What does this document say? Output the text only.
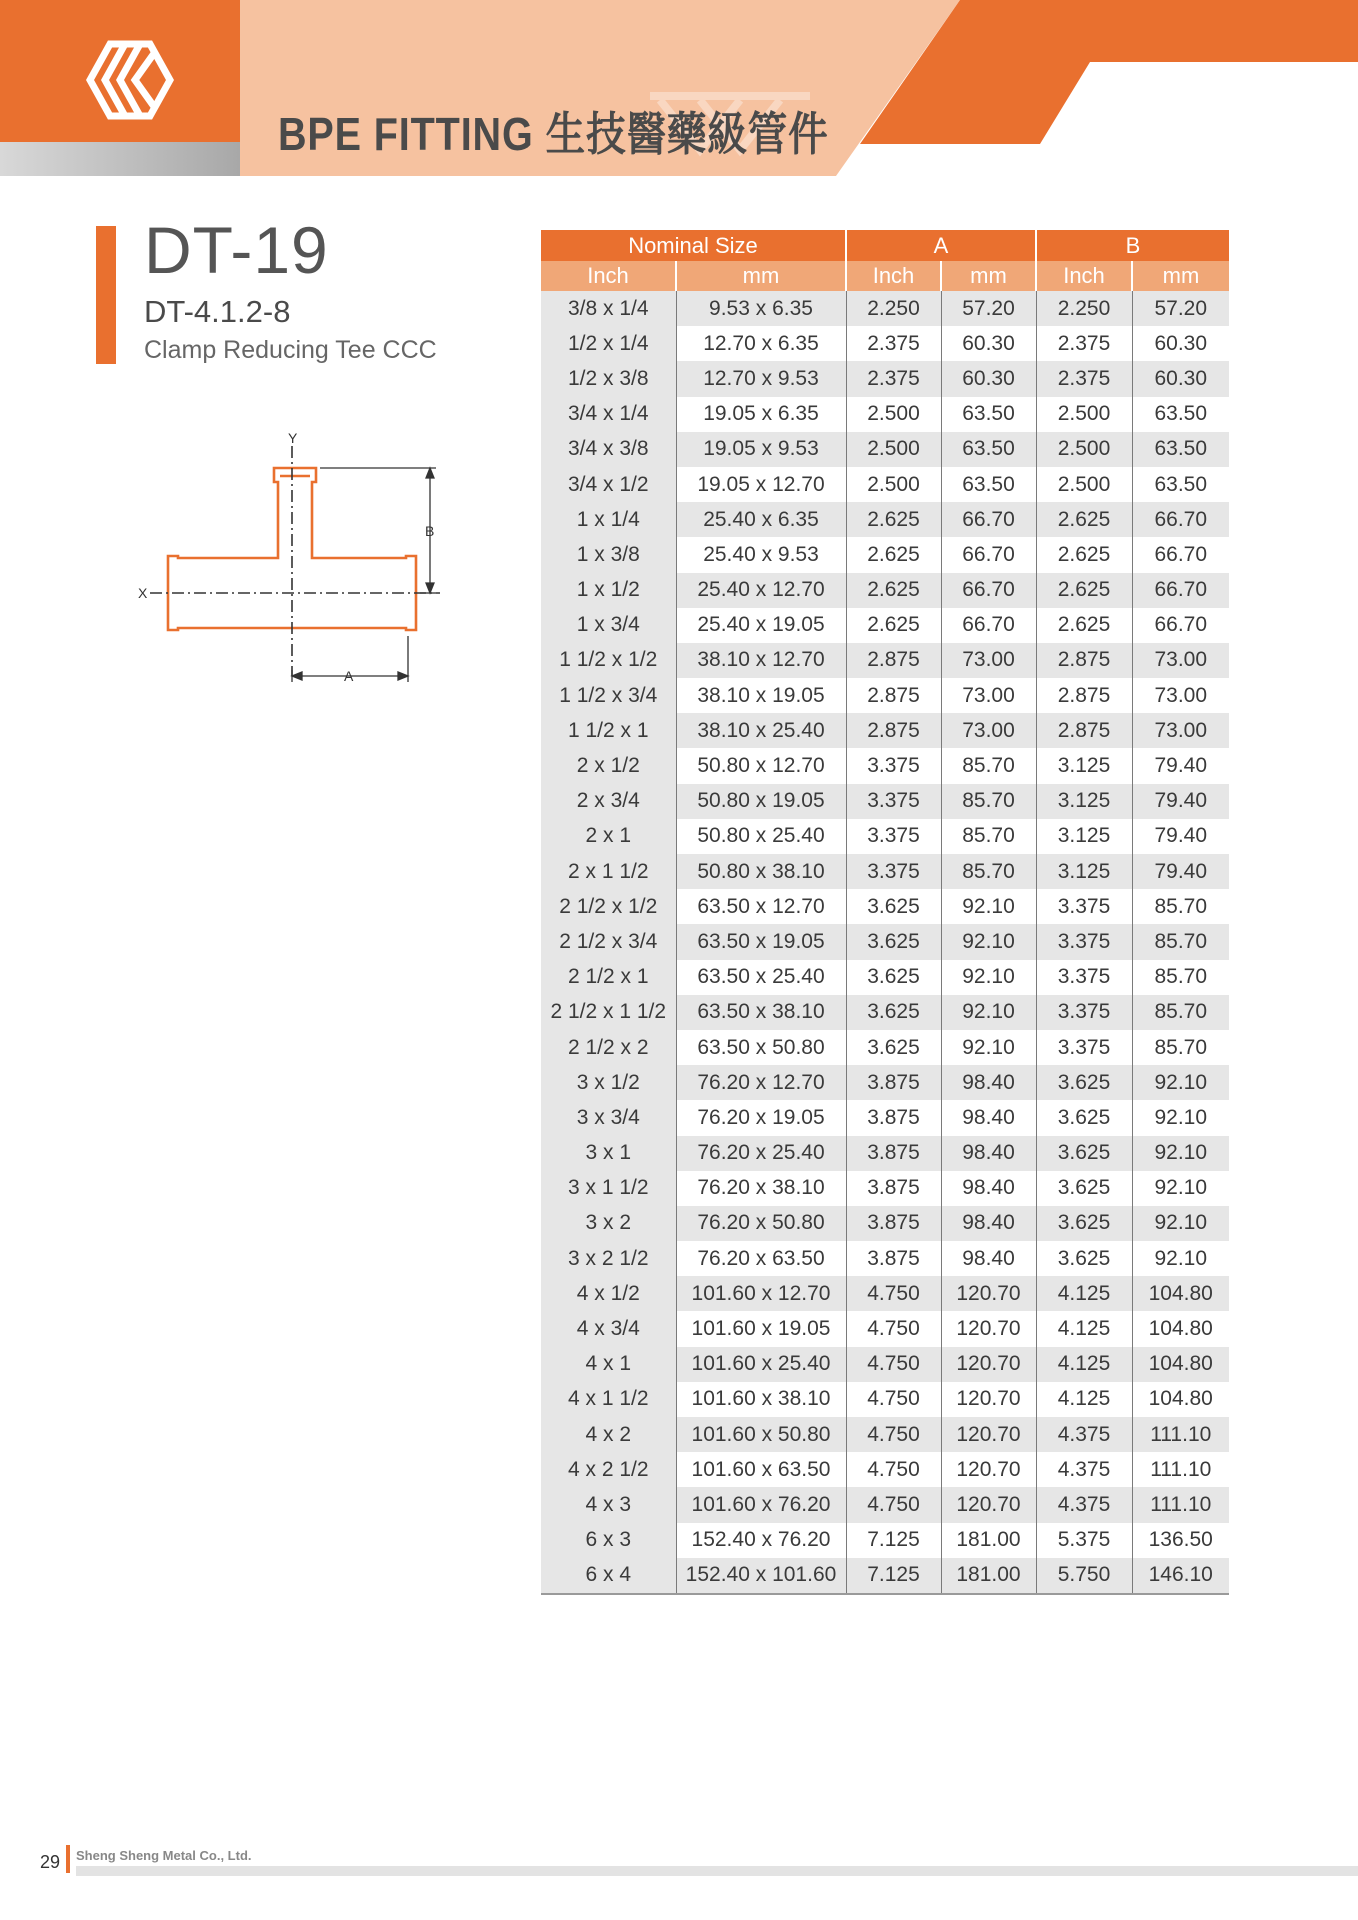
BPE FITTING 生技醫藥級管件
DT-19
DT-4.1.2-8
Clamp Reducing Tee CCC
Y
X
B
A
Nominal Size		A		B	
Inch	mm	Inch	mm	Inch	mm
3/8 x 1/4	9.53 x 6.35	2.250	57.20	2.250	57.20
1/2 x 1/4	12.70 x 6.35	2.375	60.30	2.375	60.30
1/2 x 3/8	12.70 x 9.53	2.375	60.30	2.375	60.30
3/4 x 1/4	19.05 x 6.35	2.500	63.50	2.500	63.50
3/4 x 3/8	19.05 x 9.53	2.500	63.50	2.500	63.50
3/4 x 1/2	19.05 x 12.70	2.500	63.50	2.500	63.50
1 x 1/4	25.40 x 6.35	2.625	66.70	2.625	66.70
1 x 3/8	25.40 x 9.53	2.625	66.70	2.625	66.70
1 x 1/2	25.40 x 12.70	2.625	66.70	2.625	66.70
1 x 3/4	25.40 x 19.05	2.625	66.70	2.625	66.70
1 1/2 x 1/2	38.10 x 12.70	2.875	73.00	2.875	73.00
1 1/2 x 3/4	38.10 x 19.05	2.875	73.00	2.875	73.00
1 1/2 x 1	38.10 x 25.40	2.875	73.00	2.875	73.00
2 x 1/2	50.80 x 12.70	3.375	85.70	3.125	79.40
2 x 3/4	50.80 x 19.05	3.375	85.70	3.125	79.40
2 x 1	50.80 x 25.40	3.375	85.70	3.125	79.40
2 x 1 1/2	50.80 x 38.10	3.375	85.70	3.125	79.40
2 1/2 x 1/2	63.50 x 12.70	3.625	92.10	3.375	85.70
2 1/2 x 3/4	63.50 x 19.05	3.625	92.10	3.375	85.70
2 1/2 x 1	63.50 x 25.40	3.625	92.10	3.375	85.70
2 1/2 x 1 1/2	63.50 x 38.10	3.625	92.10	3.375	85.70
2 1/2 x 2	63.50 x 50.80	3.625	92.10	3.375	85.70
3 x 1/2	76.20 x 12.70	3.875	98.40	3.625	92.10
3 x 3/4	76.20 x 19.05	3.875	98.40	3.625	92.10
3 x 1	76.20 x 25.40	3.875	98.40	3.625	92.10
3 x 1 1/2	76.20 x 38.10	3.875	98.40	3.625	92.10
3 x 2	76.20 x 50.80	3.875	98.40	3.625	92.10
3 x 2 1/2	76.20 x 63.50	3.875	98.40	3.625	92.10
4 x 1/2	101.60 x 12.70	4.750	120.70	4.125	104.80
4 x 3/4	101.60 x 19.05	4.750	120.70	4.125	104.80
4 x 1	101.60 x 25.40	4.750	120.70	4.125	104.80
4 x 1 1/2	101.60 x 38.10	4.750	120.70	4.125	104.80
4 x 2	101.60 x 50.80	4.750	120.70	4.375	111.10
4 x 2 1/2	101.60 x 63.50	4.750	120.70	4.375	111.10
4 x 3	101.60 x 76.20	4.750	120.70	4.375	111.10
6 x 3	152.40 x 76.20	7.125	181.00	5.375	136.50
6 x 4	152.40 x 101.60	7.125	181.00	5.750	146.10
29 Sheng Sheng Metal Co., Ltd.
